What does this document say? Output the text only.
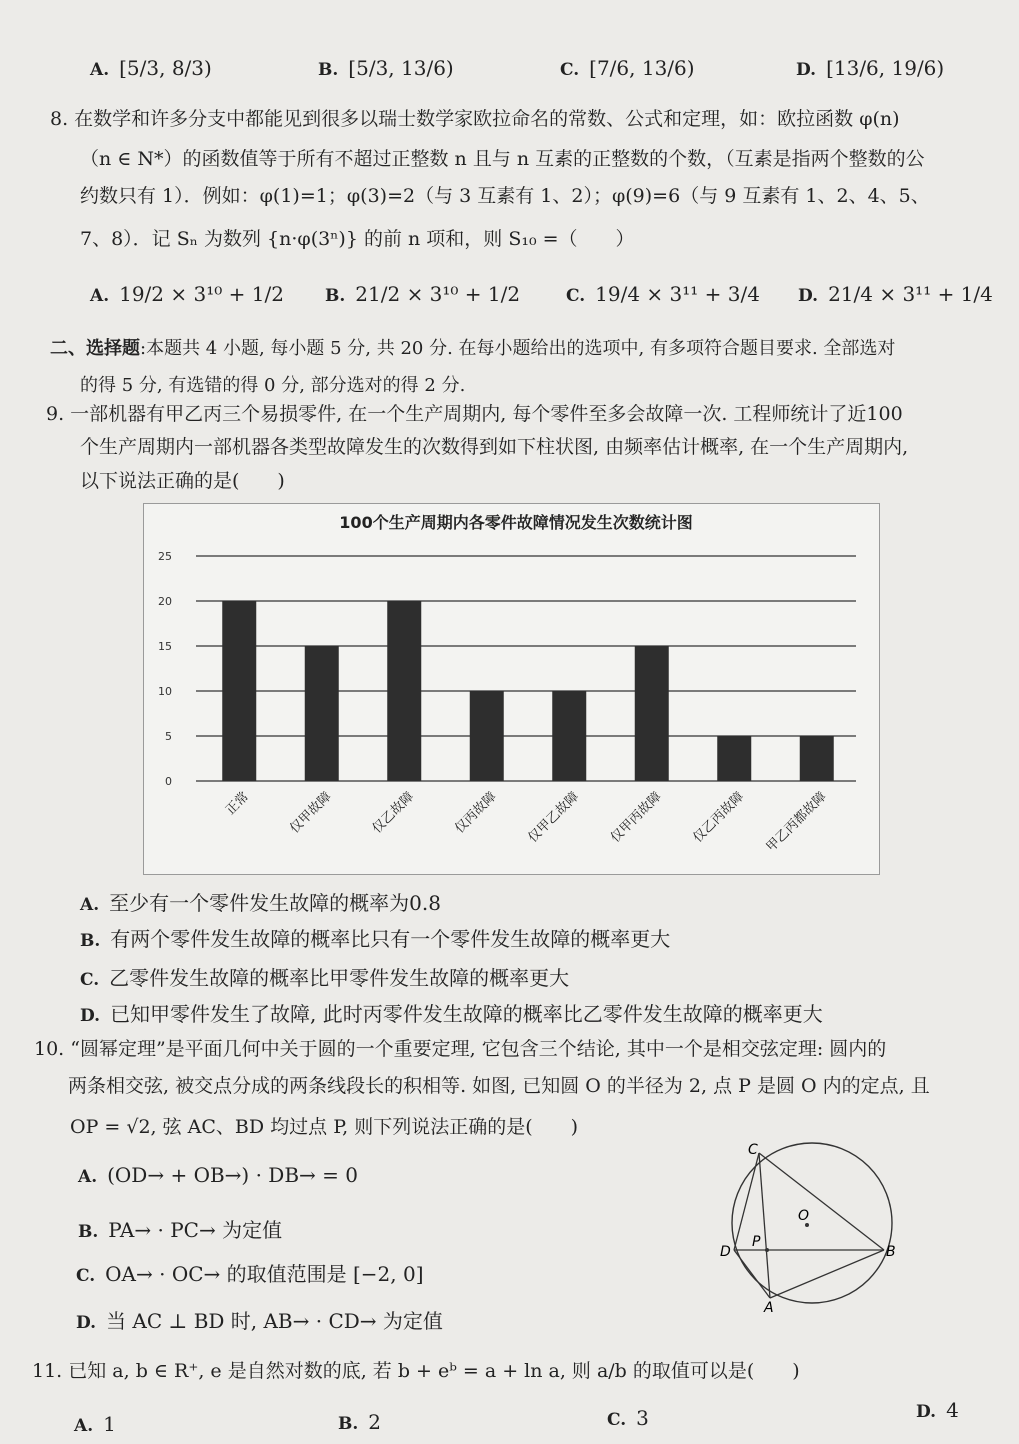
A. [5/3, 8/3)	B. [5/3, 13/6)	C. [7/6, 13/6)	D. [13/6, 19/6)
8. 在数学和许多分支中都能见到很多以瑞士数学家欧拉命名的常数、公式和定理，如：欧拉函数 φ(n)
（n ∈ N*）的函数值等于所有不超过正整数 n 且与 n 互素的正整数的个数，（互素是指两个整数的公
约数只有 1）．例如：φ(1)=1；φ(3)=2（与 3 互素有 1、2）；φ(9)=6（与 9 互素有 1、2、4、5、
7、8）．记 Sₙ 为数列 {n·φ(3ⁿ)} 的前 n 项和，则 S₁₀ =（　　）
A. 19/2 × 3¹⁰ + 1/2 B. 21/2 × 3¹⁰ + 1/2	C. 19/4 × 3¹¹ + 3/4 D. 21/4 × 3¹¹ + 1/4
二、选择题:本题共 4 小题, 每小题 5 分, 共 20 分. 在每小题给出的选项中, 有多项符合题目要求. 全部选对
的得 5 分, 有选错的得 0 分, 部分选对的得 2 分.
9. 一部机器有甲乙丙三个易损零件, 在一个生产周期内, 每个零件至多会故障一次. 工程师统计了近100
个生产周期内一部机器各类型故障发生的次数得到如下柱状图, 由频率估计概率, 在一个生产周期内,
以下说法正确的是(　　)
100个生产周期内各零件故障情况发生次数统计图
0
5
10
15
20
25
正常	仅甲故障	仅乙故障	仅丙故障 仅甲乙故障 仅甲丙故障 仅乙丙故障 甲乙丙都故障
A. 至少有一个零件发生故障的概率为0.8
B. 有两个零件发生故障的概率比只有一个零件发生故障的概率更大
C. 乙零件发生故障的概率比甲零件发生故障的概率更大
D. 已知甲零件发生了故障, 此时丙零件发生故障的概率比乙零件发生故障的概率更大
10. “圆幂定理”是平面几何中关于圆的一个重要定理, 它包含三个结论, 其中一个是相交弦定理: 圆内的
两条相交弦, 被交点分成的两条线段长的积相等. 如图, 已知圆 O 的半径为 2, 点 P 是圆 O 内的定点, 且
OP = √2, 弦 AC、BD 均过点 P, 则下列说法正确的是(　　)
A. (OD→ + OB→) · DB→ = 0
B. PA→ · PC→ 为定值
C. OA→ · OC→ 的取值范围是 [−2, 0]
D. 当 AC ⊥ BD 时, AB→ · CD→ 为定值
C
D
P
O
B
A
11. 已知 a, b ∈ R⁺, e 是自然对数的底, 若 b + eᵇ = a + ln a, 则 a/b 的取值可以是(　　)
A. 1	B. 2	C. 3	D. 4
